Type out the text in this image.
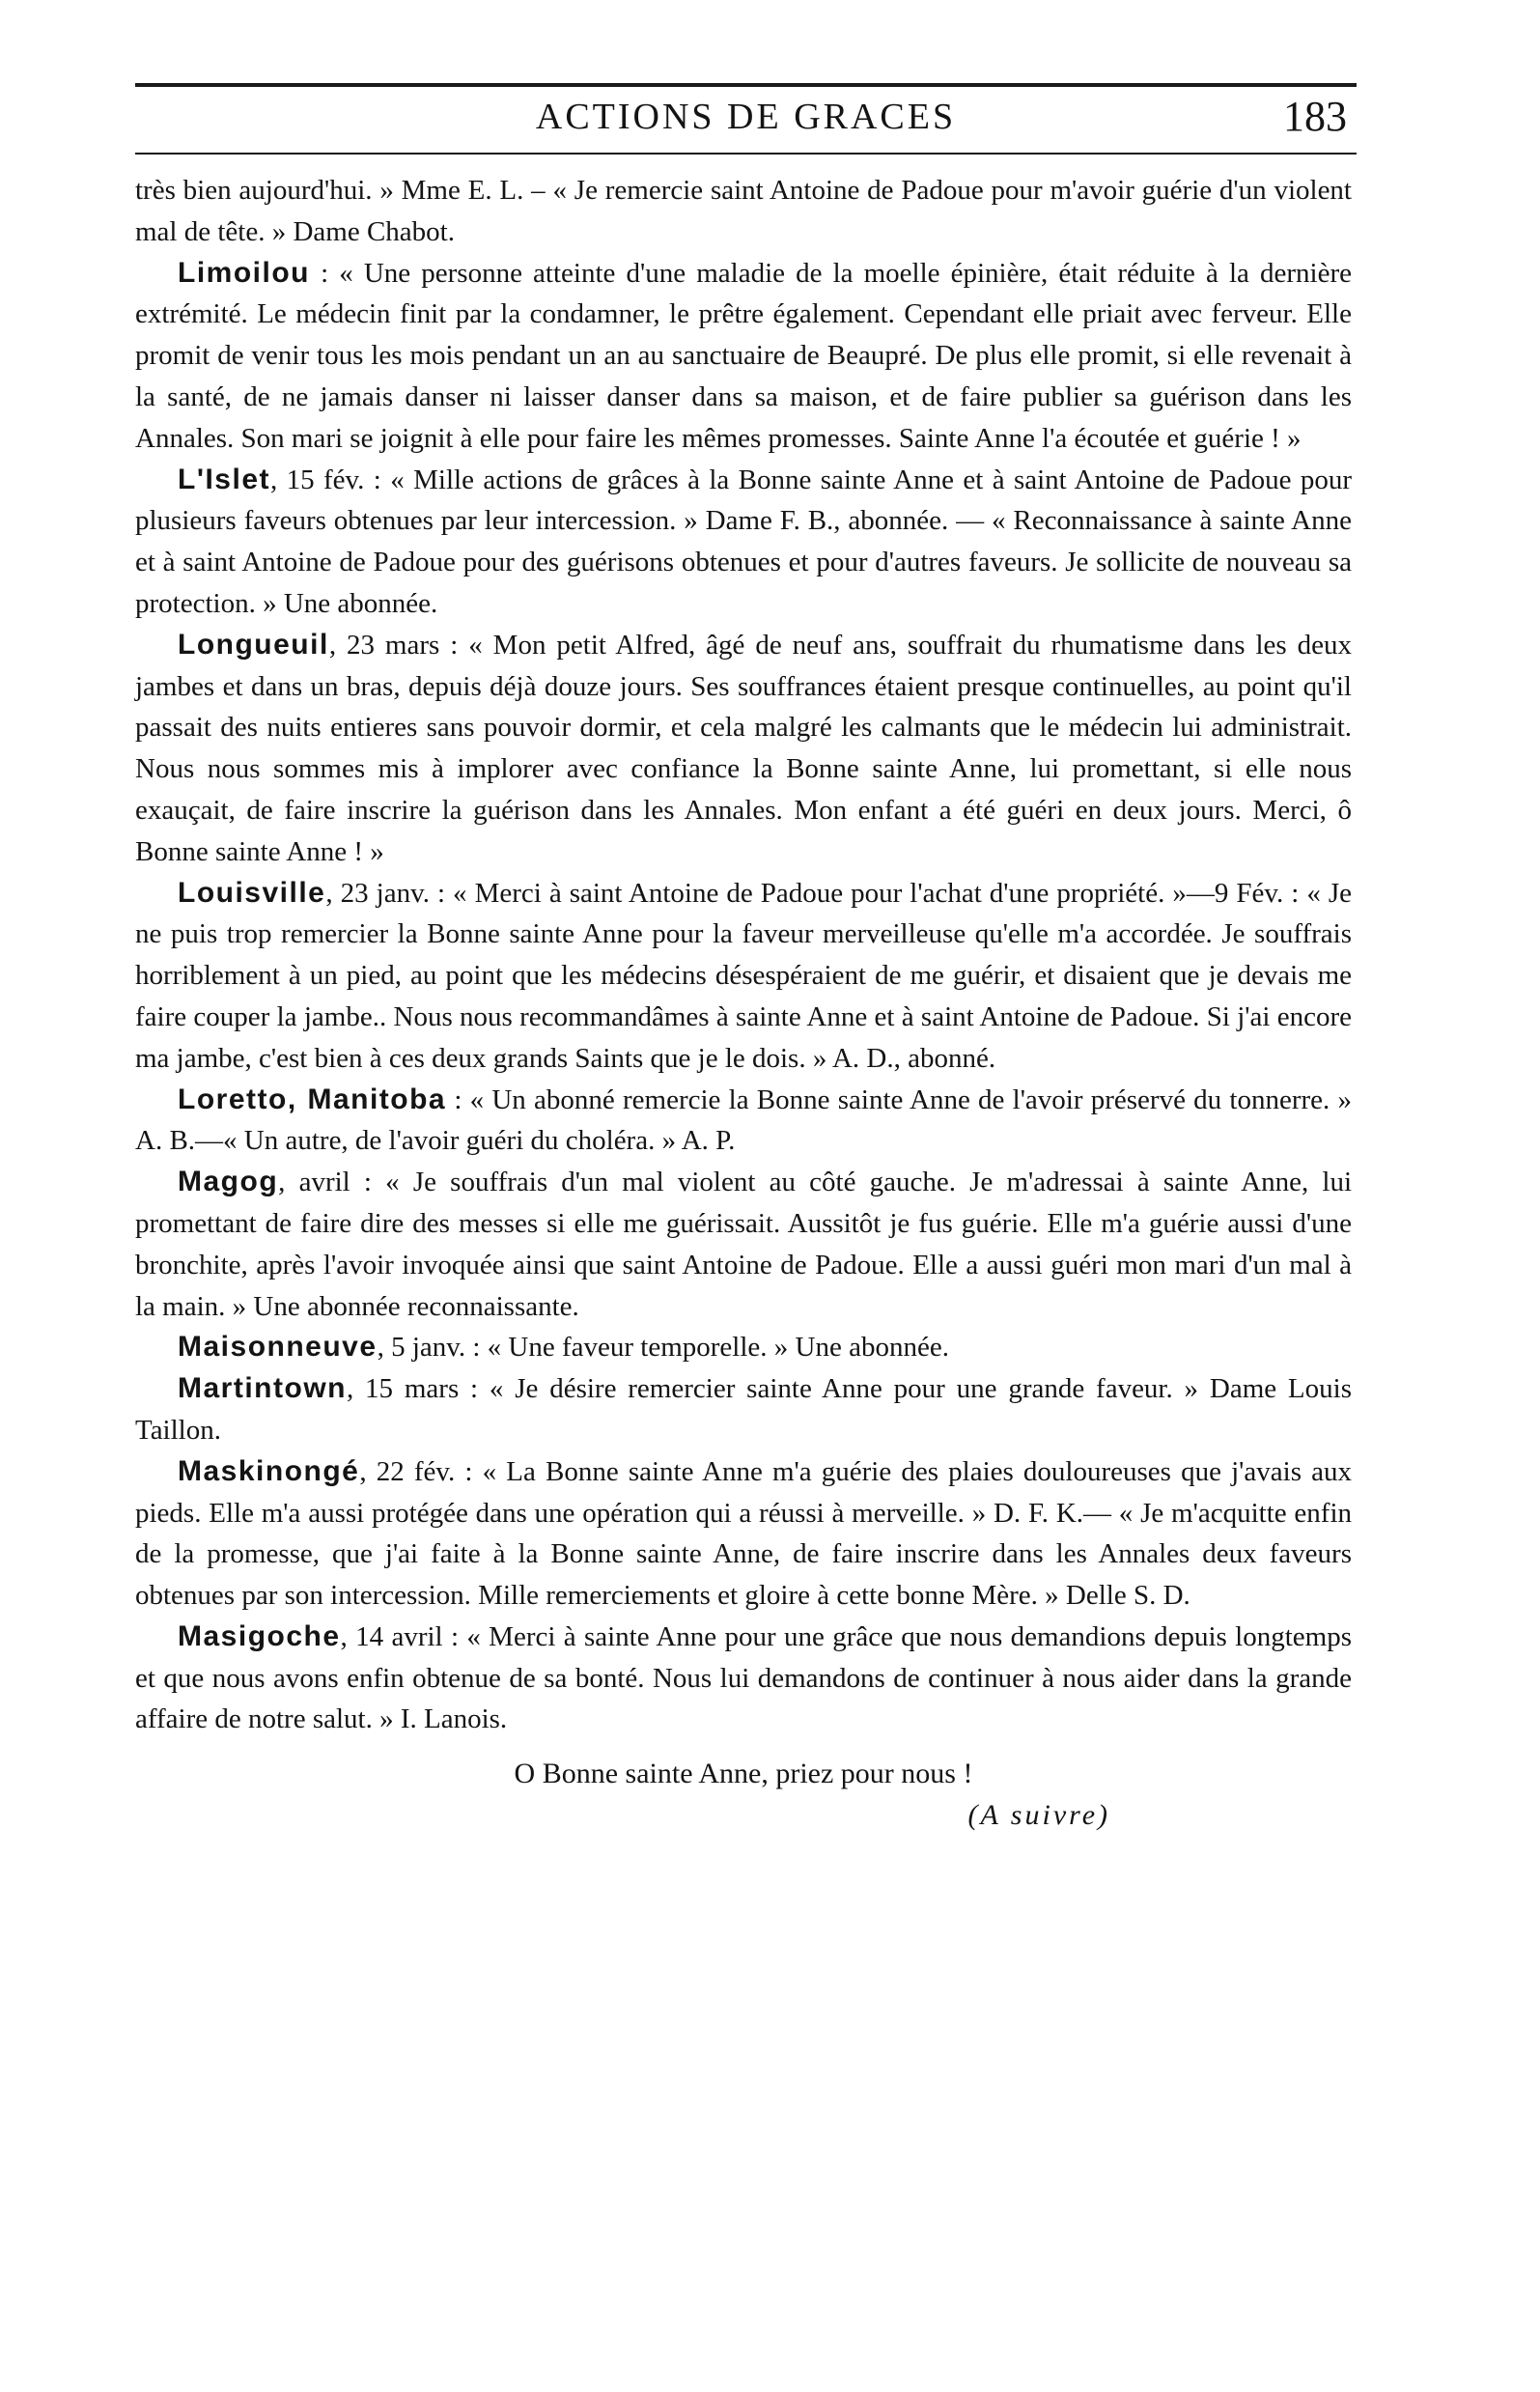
ACTIONS DE GRACES	183

très bien aujourd'hui. » Mme E. L. – « Je remercie saint Antoine de Padoue pour m'avoir guérie d'un violent mal de tête. » Dame Chabot.

Limoilou : « Une personne atteinte d'une maladie de la moelle épinière, était réduite à la dernière extrémité. Le médecin finit par la condamner, le prêtre également. Cependant elle priait avec ferveur. Elle promit de venir tous les mois pendant un an au sanctuaire de Beaupré. De plus elle promit, si elle revenait à la santé, de ne jamais danser ni laisser danser dans sa maison, et de faire publier sa guérison dans les Annales. Son mari se joignit à elle pour faire les mêmes promesses. Sainte Anne l'a écoutée et guérie ! »

L'Islet, 15 fév. : « Mille actions de grâces à la Bonne sainte Anne et à saint Antoine de Padoue pour plusieurs faveurs obtenues par leur intercession. » Dame F. B., abonnée. — « Reconnaissance à sainte Anne et à saint Antoine de Padoue pour des guérisons obtenues et pour d'autres faveurs. Je sollicite de nouveau sa protection. » Une abonnée.

Longueuil, 23 mars : « Mon petit Alfred, âgé de neuf ans, souffrait du rhumatisme dans les deux jambes et dans un bras, depuis déjà douze jours. Ses souffrances étaient presque continuelles, au point qu'il passait des nuits entieres sans pouvoir dormir, et cela malgré les calmants que le médecin lui administrait. Nous nous sommes mis à implorer avec confiance la Bonne sainte Anne, lui promettant, si elle nous exauçait, de faire inscrire la guérison dans les Annales. Mon enfant a été guéri en deux jours. Merci, ô Bonne sainte Anne ! »

Louisville, 23 janv. : « Merci à saint Antoine de Padoue pour l'achat d'une propriété. »—9 Fév. : « Je ne puis trop remercier la Bonne sainte Anne pour la faveur merveilleuse qu'elle m'a accordée. Je souffrais horriblement à un pied, au point que les médecins désespéraient de me guérir, et disaient que je devais me faire couper la jambe.. Nous nous recommandâmes à sainte Anne et à saint Antoine de Padoue. Si j'ai encore ma jambe, c'est bien à ces deux grands Saints que je le dois. » A. D., abonné.

Loretto, Manitoba : « Un abonné remercie la Bonne sainte Anne de l'avoir préservé du tonnerre. » A. B.—« Un autre, de l'avoir guéri du choléra. » A. P.

Magog, avril : « Je souffrais d'un mal violent au côté gauche. Je m'adressai à sainte Anne, lui promettant de faire dire des messes si elle me guérissait. Aussitôt je fus guérie. Elle m'a guérie aussi d'une bronchite, après l'avoir invoquée ainsi que saint Antoine de Padoue. Elle a aussi guéri mon mari d'un mal à la main. » Une abonnée reconnaissante.

Maisonneuve, 5 janv. : « Une faveur temporelle. » Une abonnée.

Martintown, 15 mars : « Je désire remercier sainte Anne pour une grande faveur. » Dame Louis Taillon.

Maskinongé, 22 fév. : « La Bonne sainte Anne m'a guérie des plaies douloureuses que j'avais aux pieds. Elle m'a aussi protégée dans une opération qui a réussi à merveille. » D. F. K.— « Je m'acquitte enfin de la promesse, que j'ai faite à la Bonne sainte Anne, de faire inscrire dans les Annales deux faveurs obtenues par son intercession. Mille remerciements et gloire à cette bonne Mère. » Delle S. D.

Masigoche, 14 avril : « Merci à sainte Anne pour une grâce que nous demandions depuis longtemps et que nous avons enfin obtenue de sa bonté. Nous lui demandons de continuer à nous aider dans la grande affaire de notre salut. » I. Lanois.

O Bonne sainte Anne, priez pour nous !

(A suivre)
